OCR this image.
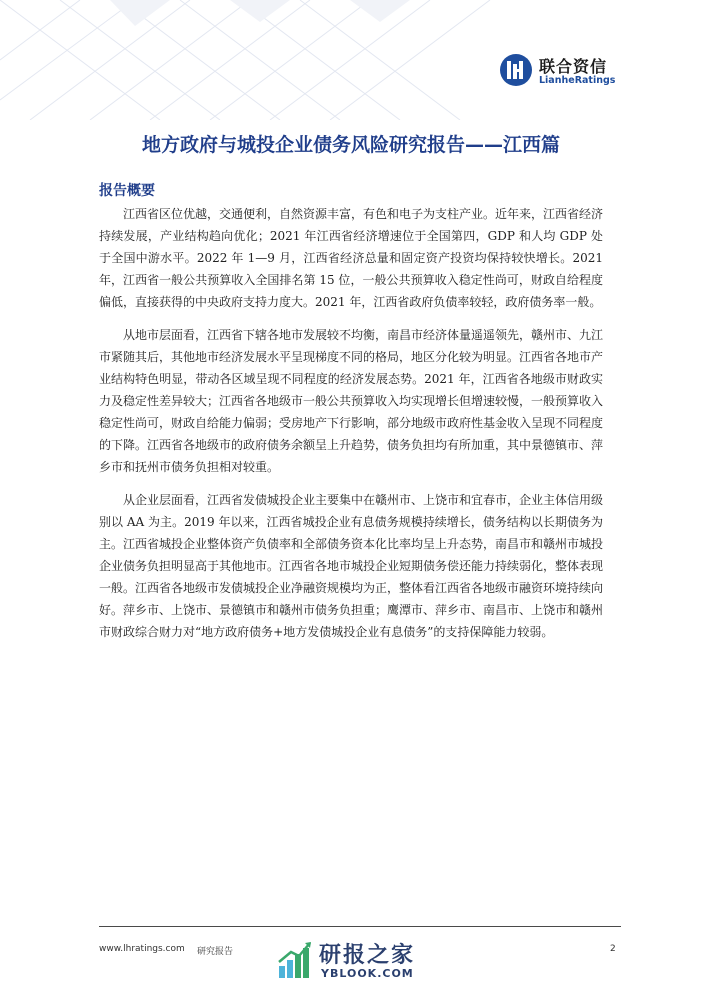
联合资信
LianheRatings
地方政府与城投企业债务风险研究报告——江西篇
报告概要

江西省区位优越，交通便利，自然资源丰富，有色和电子为支柱产业。近年来，江西省经济持续发展，产业结构趋向优化；2021 年江西省经济增速位于全国第四，GDP 和人均 GDP 处于全国中游水平。2022 年 1—9 月，江西省经济总量和固定资产投资均保持较快增长。2021 年，江西省一般公共预算收入全国排名第 15 位，一般公共预算收入稳定性尚可，财政自给程度偏低，直接获得的中央政府支持力度大。2021 年，江西省政府负债率较轻，政府债务率一般。

从地市层面看，江西省下辖各地市发展较不均衡，南昌市经济体量遥遥领先，赣州市、九江市紧随其后，其他地市经济发展水平呈现梯度不同的格局，地区分化较为明显。江西省各地市产业结构特色明显，带动各区域呈现不同程度的经济发展态势。2021 年，江西省各地级市财政实力及稳定性差异较大；江西省各地级市一般公共预算收入均实现增长但增速较慢，一般预算收入稳定性尚可，财政自给能力偏弱；受房地产下行影响，部分地级市政府性基金收入呈现不同程度的下降。江西省各地级市的政府债务余额呈上升趋势，债务负担均有所加重，其中景德镇市、萍乡市和抚州市债务负担相对较重。

从企业层面看，江西省发债城投企业主要集中在赣州市、上饶市和宜春市，企业主体信用级别以 AA 为主。2019 年以来，江西省城投企业有息债务规模持续增长，债务结构以长期债务为主。江西省城投企业整体资产负债率和全部债务资本化比率均呈上升态势，南昌市和赣州市城投企业债务负担明显高于其他地市。江西省各地市城投企业短期债务偿还能力持续弱化，整体表现一般。江西省各地级市发债城投企业净融资规模均为正，整体看江西省各地级市融资环境持续向好。萍乡市、上饶市、景德镇市和赣州市债务负担重；鹰潭市、萍乡市、南昌市、上饶市和赣州市财政综合财力对“地方政府债务+地方发债城投企业有息债务”的支持保障能力较弱。

www.lhratings.com 研究报告	2
研报之家
YBLOOK.COM
